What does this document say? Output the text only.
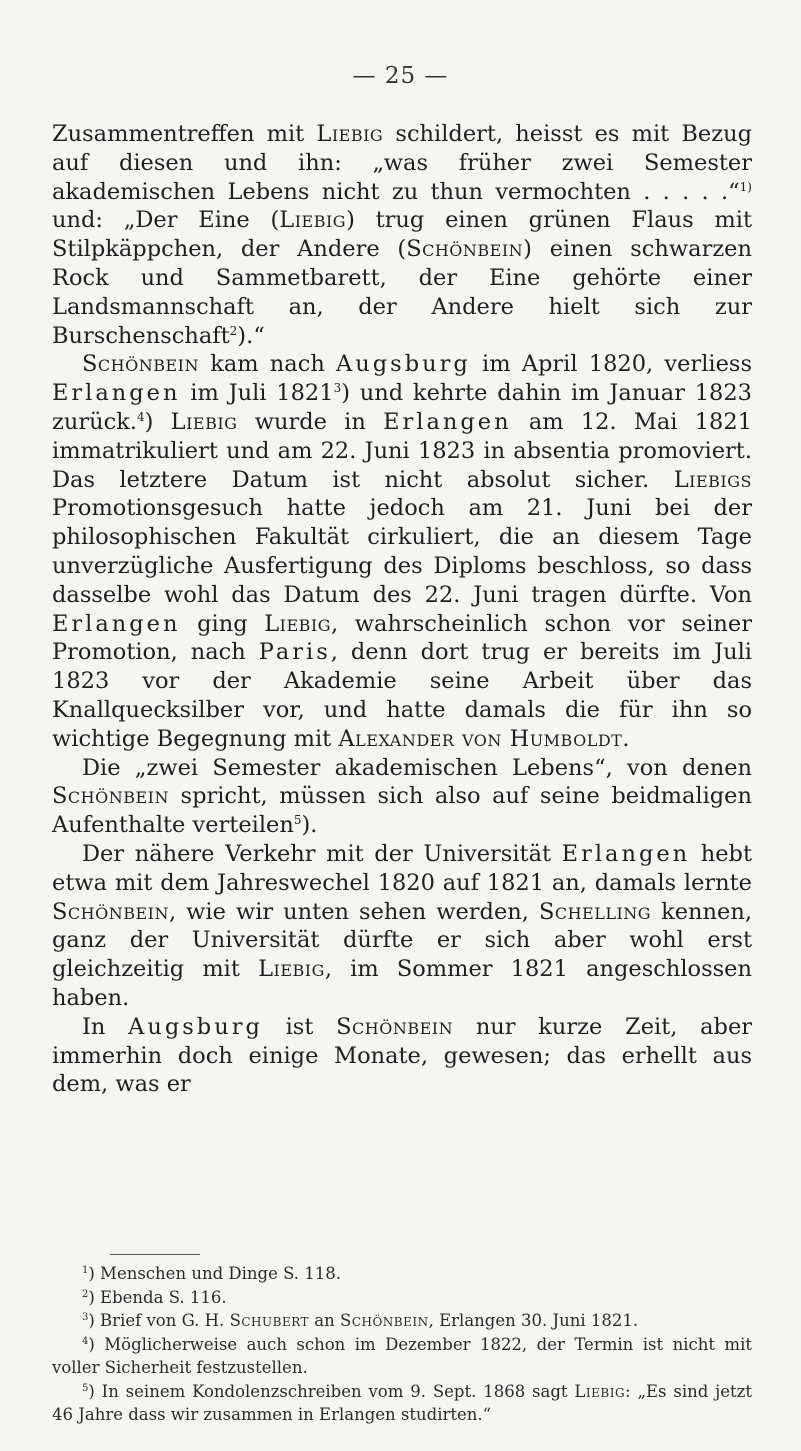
— 25 —

Zusammentreffen mit Liebig schildert, heisst es mit Bezug auf diesen und ihn: „was früher zwei Semester akademischen Lebens nicht zu thun vermochten . . . . .“$^{1)}$ und: „Der Eine (Liebig) trug einen grünen Flaus mit Stilpkäppchen, der Andere (Schönbein) einen schwarzen Rock und Sammetbarett, der Eine gehörte einer Landsmannschaft an, der Andere hielt sich zur Burschenschaft$^2$).“

Schönbein kam nach Augsburg im April 1820, verliess Erlangen im Juli 1821$^3$) und kehrte dahin im Januar 1823 zurück.$^4$) Liebig wurde in Erlangen am 12. Mai 1821 immatrikuliert und am 22. Juni 1823 in absentia promoviert. Das letztere Datum ist nicht absolut sicher. Liebigs Promotionsgesuch hatte jedoch am 21. Juni bei der philosophischen Fakultät cirkuliert, die an diesem Tage unverzügliche Ausfertigung des Diploms beschloss, so dass dasselbe wohl das Datum des 22. Juni tragen dürfte. Von Erlangen ging Liebig, wahrscheinlich schon vor seiner Promotion, nach Paris, denn dort trug er bereits im Juli 1823 vor der Akademie seine Arbeit über das Knallquecksilber vor, und hatte damals die für ihn so wichtige Begegnung mit Alexander von Humboldt.

Die „zwei Semester akademischen Lebens“, von denen Schönbein spricht, müssen sich also auf seine beidmaligen Aufenthalte verteilen$^5$).

Der nähere Verkehr mit der Universität Erlangen hebt etwa mit dem Jahreswechel 1820 auf 1821 an, damals lernte Schönbein, wie wir unten sehen werden, Schelling kennen, ganz der Universität dürfte er sich aber wohl erst gleichzeitig mit Liebig, im Sommer 1821 angeschlossen haben.

In Augsburg ist Schönbein nur kurze Zeit, aber immerhin doch einige Monate, gewesen; das erhellt aus dem, was er

$^1$) Menschen und Dinge S. 118.

$^2$) Ebenda S. 116.

$^3$) Brief von G. H. Schubert an Schönbein, Erlangen 30. Juni 1821.

$^4$) Möglicherweise auch schon im Dezember 1822, der Termin ist nicht mit voller Sicherheit festzustellen.

$^5$) In seinem Kondolenzschreiben vom 9. Sept. 1868 sagt Liebig: „Es sind jetzt 46 Jahre dass wir zusammen in Erlangen studirten.“
